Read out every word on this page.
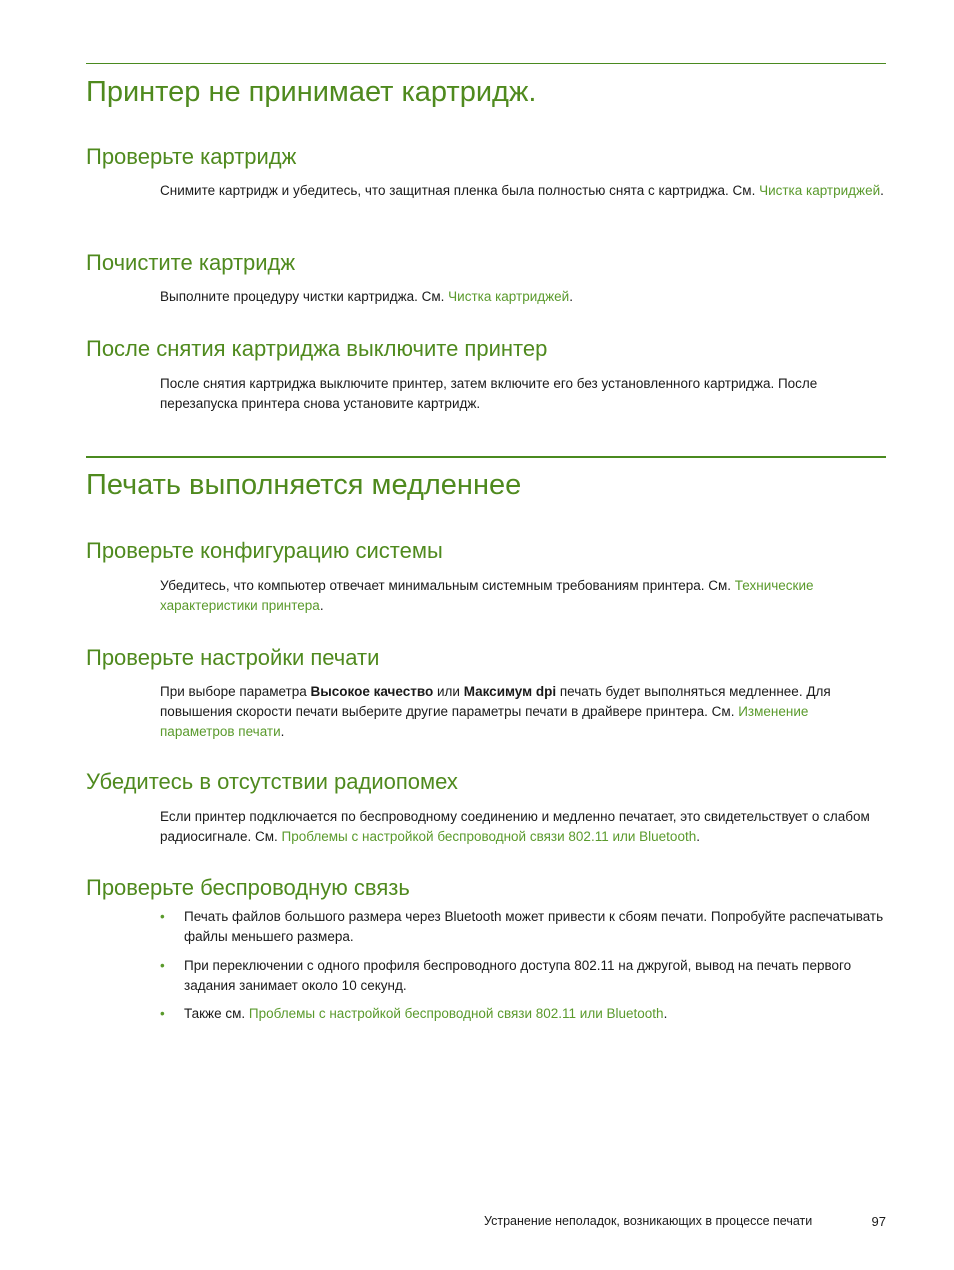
Принтер не принимает картридж.
Проверьте картридж

Снимите картридж и убедитесь, что защитная пленка была полностью снята с картриджа. См. Чистка картриджей.

Почистите картридж

Выполните процедуру чистки картриджа. См. Чистка картриджей.

После снятия картриджа выключите принтер

После снятия картриджа выключите принтер, затем включите его без установленного картриджа. После перезапуска принтера снова установите картридж.

Печать выполняется медленнее
Проверьте конфигурацию системы

Убедитесь, что компьютер отвечает минимальным системным требованиям принтера. См. Технические характеристики принтера.

Проверьте настройки печати

При выборе параметра Высокое качество или Максимум dpi печать будет выполняться медленнее. Для повышения скорости печати выберите другие параметры печати в драйвере принтера. См. Изменение параметров печати.

Убедитесь в отсутствии радиопомех

Если принтер подключается по беспроводному соединению и медленно печатает, это свидетельствует о слабом радиосигнале. См. Проблемы с настройкой беспроводной связи 802.11 или Bluetooth.

Проверьте беспроводную связь
• Печать файлов большого размера через Bluetooth может привести к сбоям печати. Попробуйте распечатывать файлы меньшего размера.
• При переключении с одного профиля беспроводного доступа 802.11 на джругой, вывод на печать первого задания занимает около 10 секунд.
• Также см. Проблемы с настройкой беспроводной связи 802.11 или Bluetooth.
Устранение неполадок, возникающих в процессе печати	97
